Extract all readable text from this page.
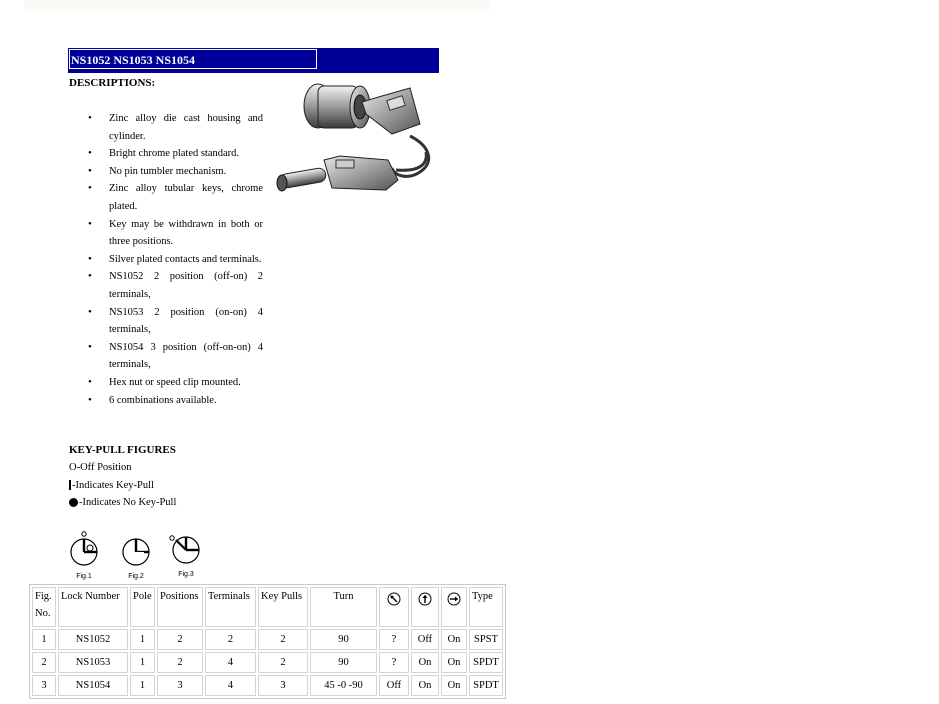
NS1052 NS1053 NS1054
DESCRIPTIONS:
• Zinc alloy die cast housing and cylinder.
• Bright chrome plated standard.
• No pin tumbler mechanism.
• Zinc alloy tubular keys, chrome plated.
• Key may be withdrawn in both or three positions.
• Silver plated contacts and terminals.
• NS1052 2 position (off-on) 2 terminals,
• NS1053 2 position (on-on) 4 terminals,
• NS1054 3 position (off-on-on) 4 terminals,
• Hex nut or speed clip mounted.
• 6 combinations available.
KEY-PULL FIGURES
O-Off Position
-Indicates Key-Pull
-Indicates No Key-Pull
Fig.1	Fig.2	Fig.3
Fig. No.	Lock Number	Pole	Positions	Terminals	Key Pulls	Turn				Type
1	NS1052	1	2	2	2	90	?	Off	On	SPST
2	NS1053	1	2	4	2	90	?	On	On	SPDT
3	NS1054	1	3	4	3	45 -0 -90	Off	On	On	SPDT
